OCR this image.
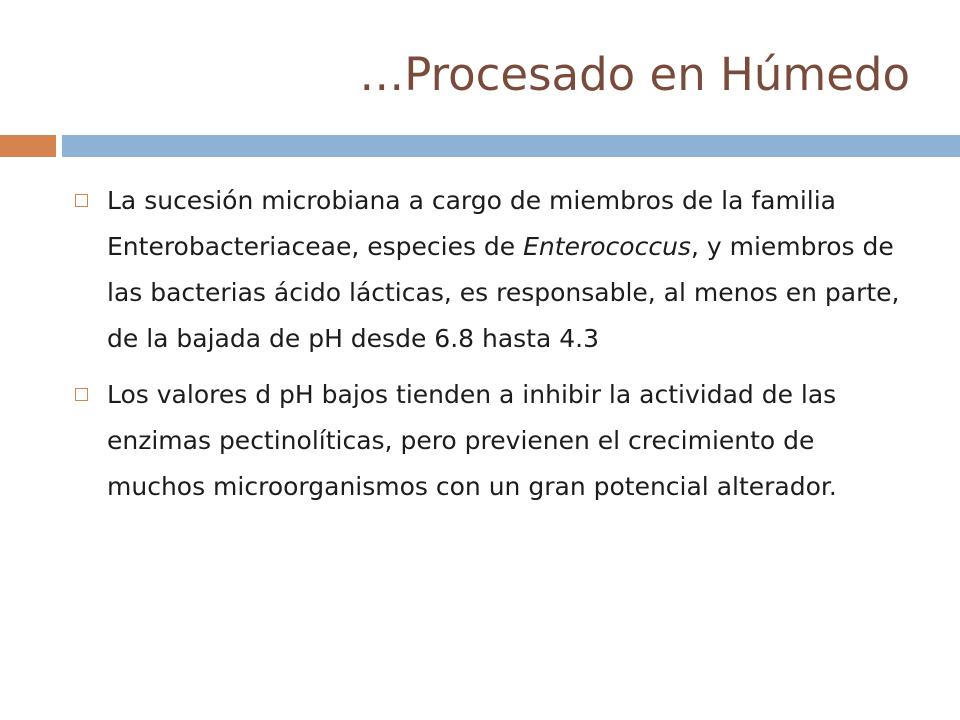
…Procesado en Húmedo
La sucesión microbiana a cargo de miembros de la familia Enterobacteriaceae, especies de Enterococcus, y miembros de las bacterias ácido lácticas, es responsable, al menos en parte, de la bajada de pH desde 6.8 hasta 4.3
Los valores d pH bajos tienden a inhibir la actividad de las enzimas pectinolíticas, pero previenen el crecimiento de muchos microorganismos con un gran potencial alterador.
